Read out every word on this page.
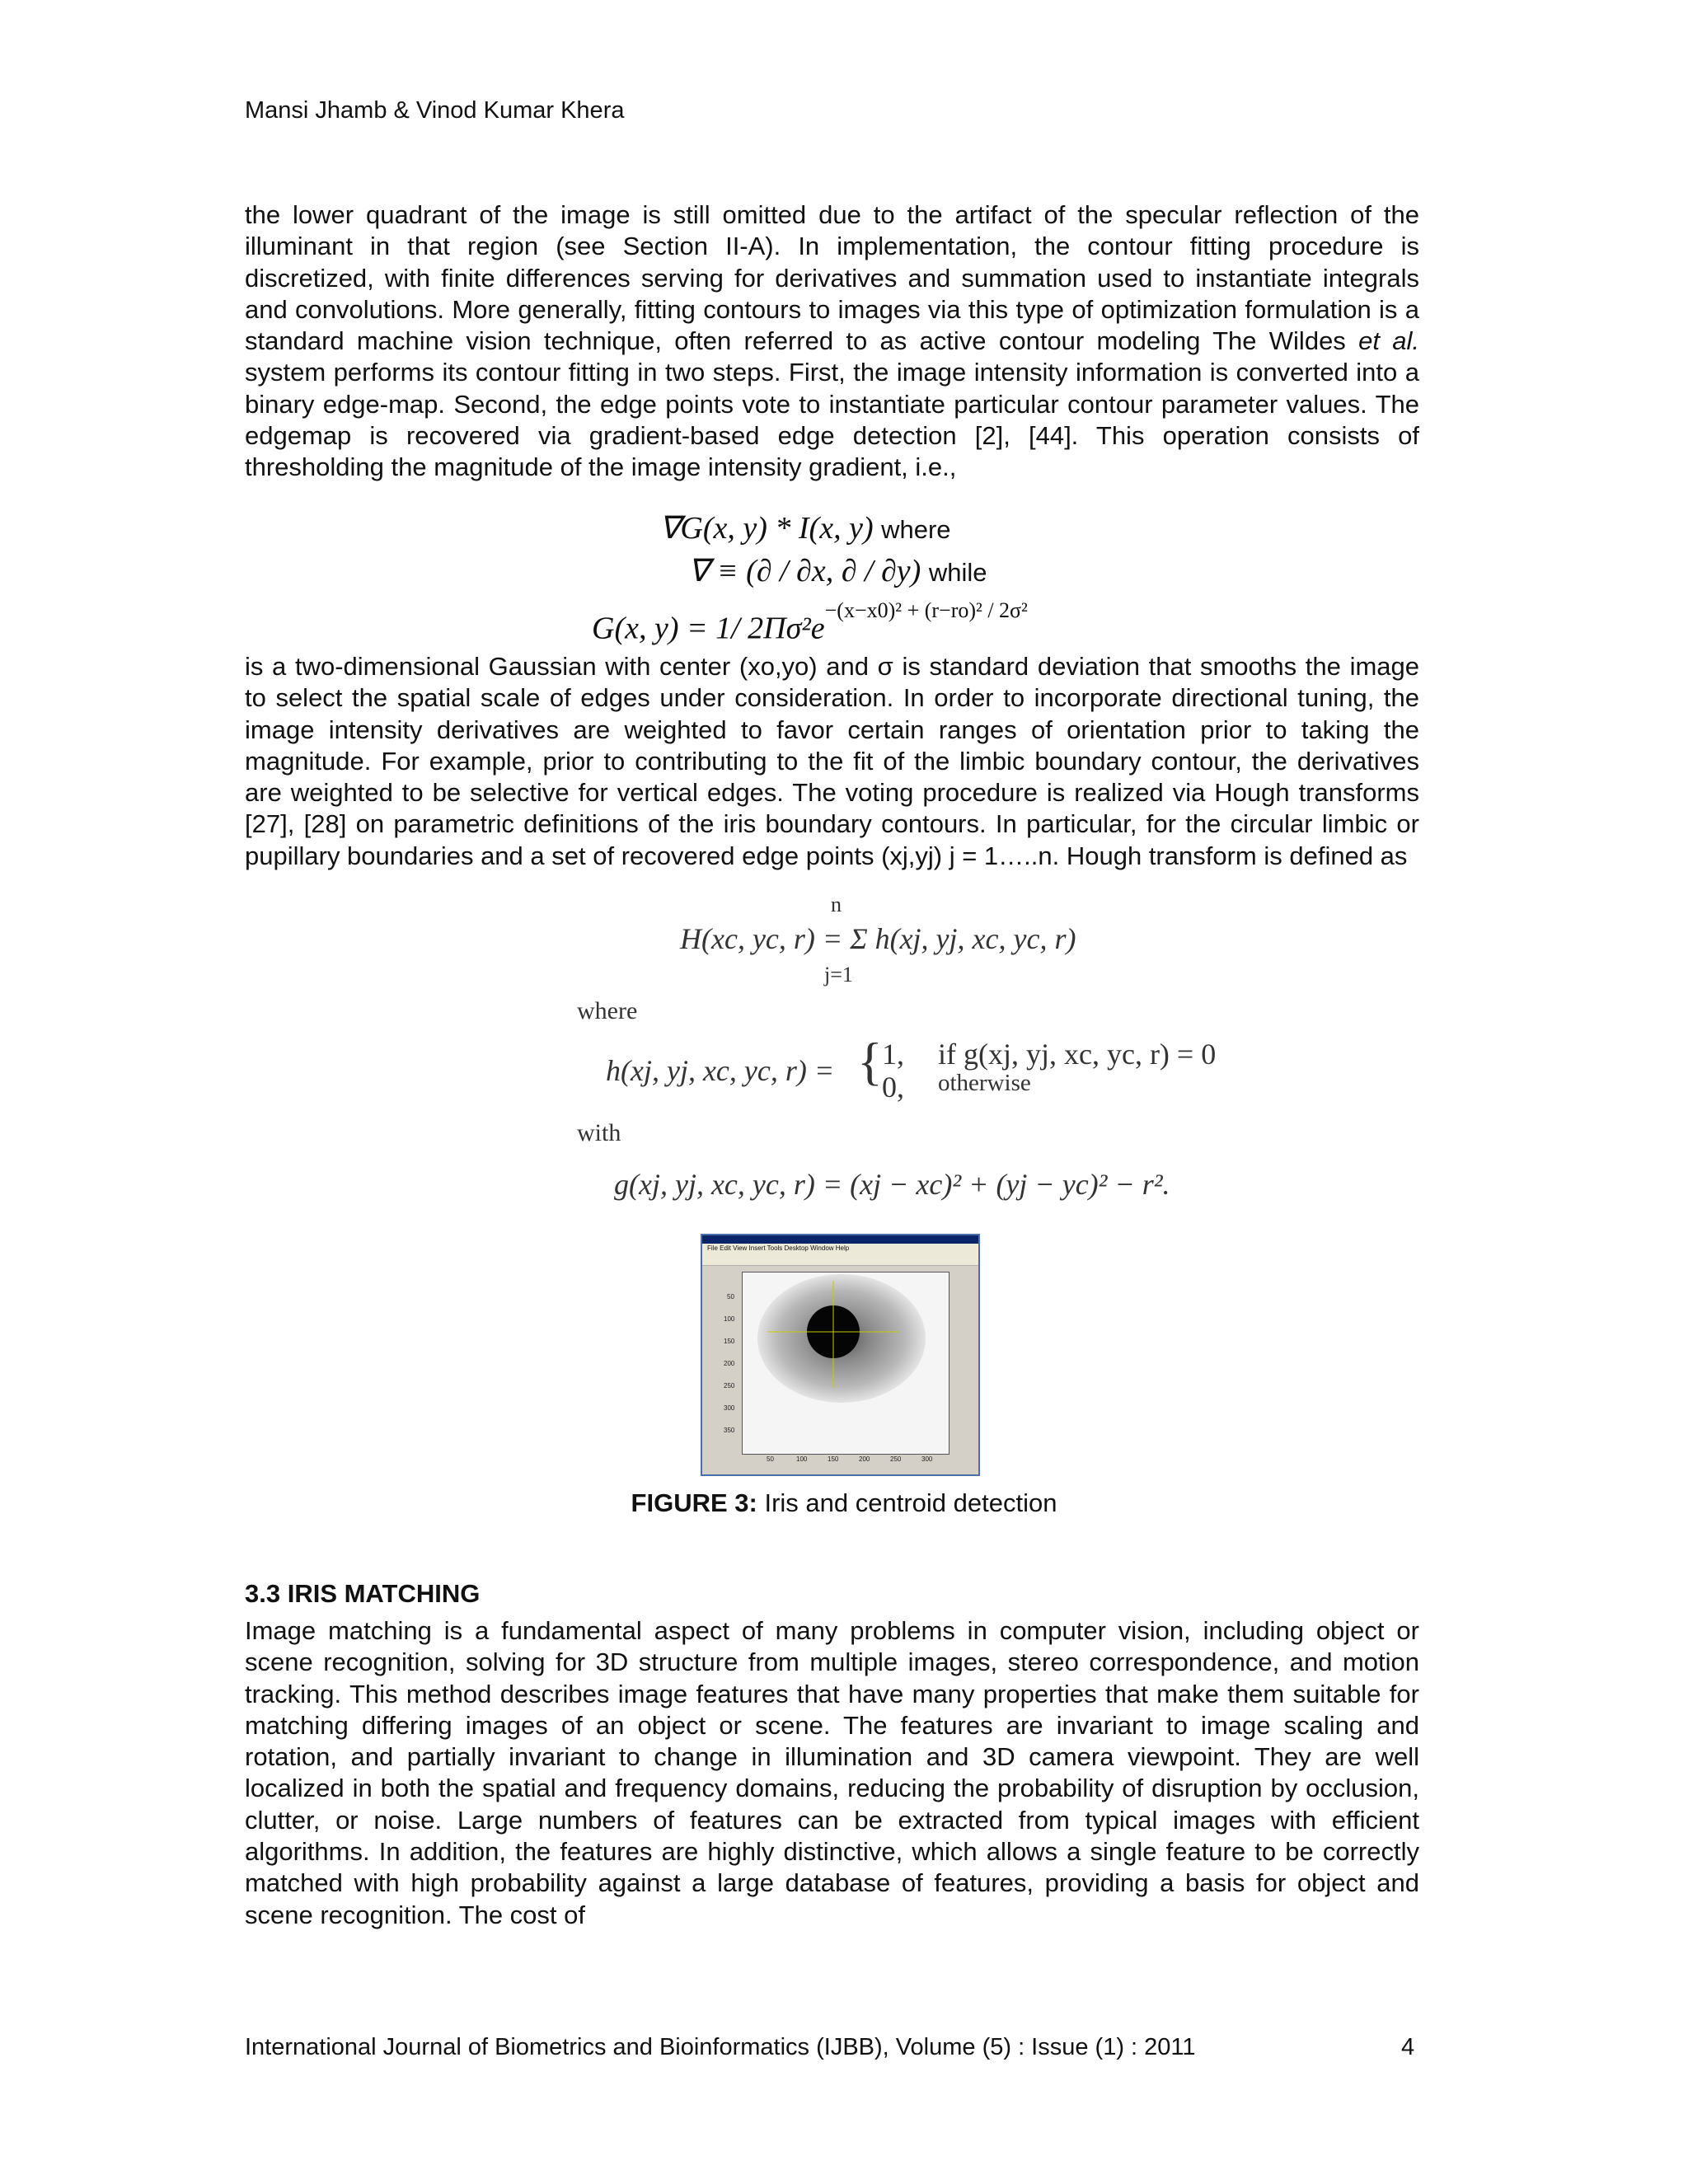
Mansi Jhamb & Vinod Kumar Khera

the lower quadrant of the image is still omitted due to the artifact of the specular reflection of the illuminant in that region (see Section II-A). In implementation, the contour fitting procedure is discretized, with finite differences serving for derivatives and summation used to instantiate integrals and convolutions. More generally, fitting contours to images via this type of optimization formulation is a standard machine vision technique, often referred to as active contour modeling The Wildes et al. system performs its contour fitting in two steps. First, the image intensity information is converted into a binary edge-map. Second, the edge points vote to instantiate particular contour parameter values. The edgemap is recovered via gradient-based edge detection [2], [44]. This operation consists of thresholding the magnitude of the image intensity gradient, i.e.,

∇G(x, y) * I(x, y) where
∇ ≡ (∂ / ∂x, ∂ / ∂y) while
G(x, y) = 1/ $2\Pi\sigma^2e^{-(x-x0)^2 + (r-ro)^2 / 2\sigma^2}$

is a two-dimensional Gaussian with center (xo,yo) and σ is standard deviation that smooths the image to select the spatial scale of edges under consideration. In order to incorporate directional tuning, the image intensity derivatives are weighted to favor certain ranges of orientation prior to taking the magnitude. For example, prior to contributing to the fit of the limbic boundary contour, the derivatives are weighted to be selective for vertical edges. The voting procedure is realized via Hough transforms [27], [28] on parametric definitions of the iris boundary contours. In particular, for the circular limbic or pupillary boundaries and a set of recovered edge points (xj,yj) j = 1…..n. Hough transform is defined as

n
H(xc, yc, r) = Σ h(xj, yj, xc, yc, r)
j=1
where
h(xj, yj, xc, yc, r) = { 1, if g(xj, yj, xc, yc, r) = 0
0, otherwise
with
g(xj, yj, xc, yc, r) = (xj − xc)² + (yj − yc)² − r².
File Edit View Insert Tools Desktop Window Help
50
100
150
200
250
300
350
50	100	150	200	250	300
FIGURE 3: Iris and centroid detection
3.3 IRIS MATCHING

Image matching is a fundamental aspect of many problems in computer vision, including object or scene recognition, solving for 3D structure from multiple images, stereo correspondence, and motion tracking. This method describes image features that have many properties that make them suitable for matching differing images of an object or scene. The features are invariant to image scaling and rotation, and partially invariant to change in illumination and 3D camera viewpoint. They are well localized in both the spatial and frequency domains, reducing the probability of disruption by occlusion, clutter, or noise. Large numbers of features can be extracted from typical images with efficient algorithms. In addition, the features are highly distinctive, which allows a single feature to be correctly matched with high probability against a large database of features, providing a basis for object and scene recognition. The cost of

International Journal of Biometrics and Bioinformatics (IJBB), Volume (5) : Issue (1) : 2011	4
